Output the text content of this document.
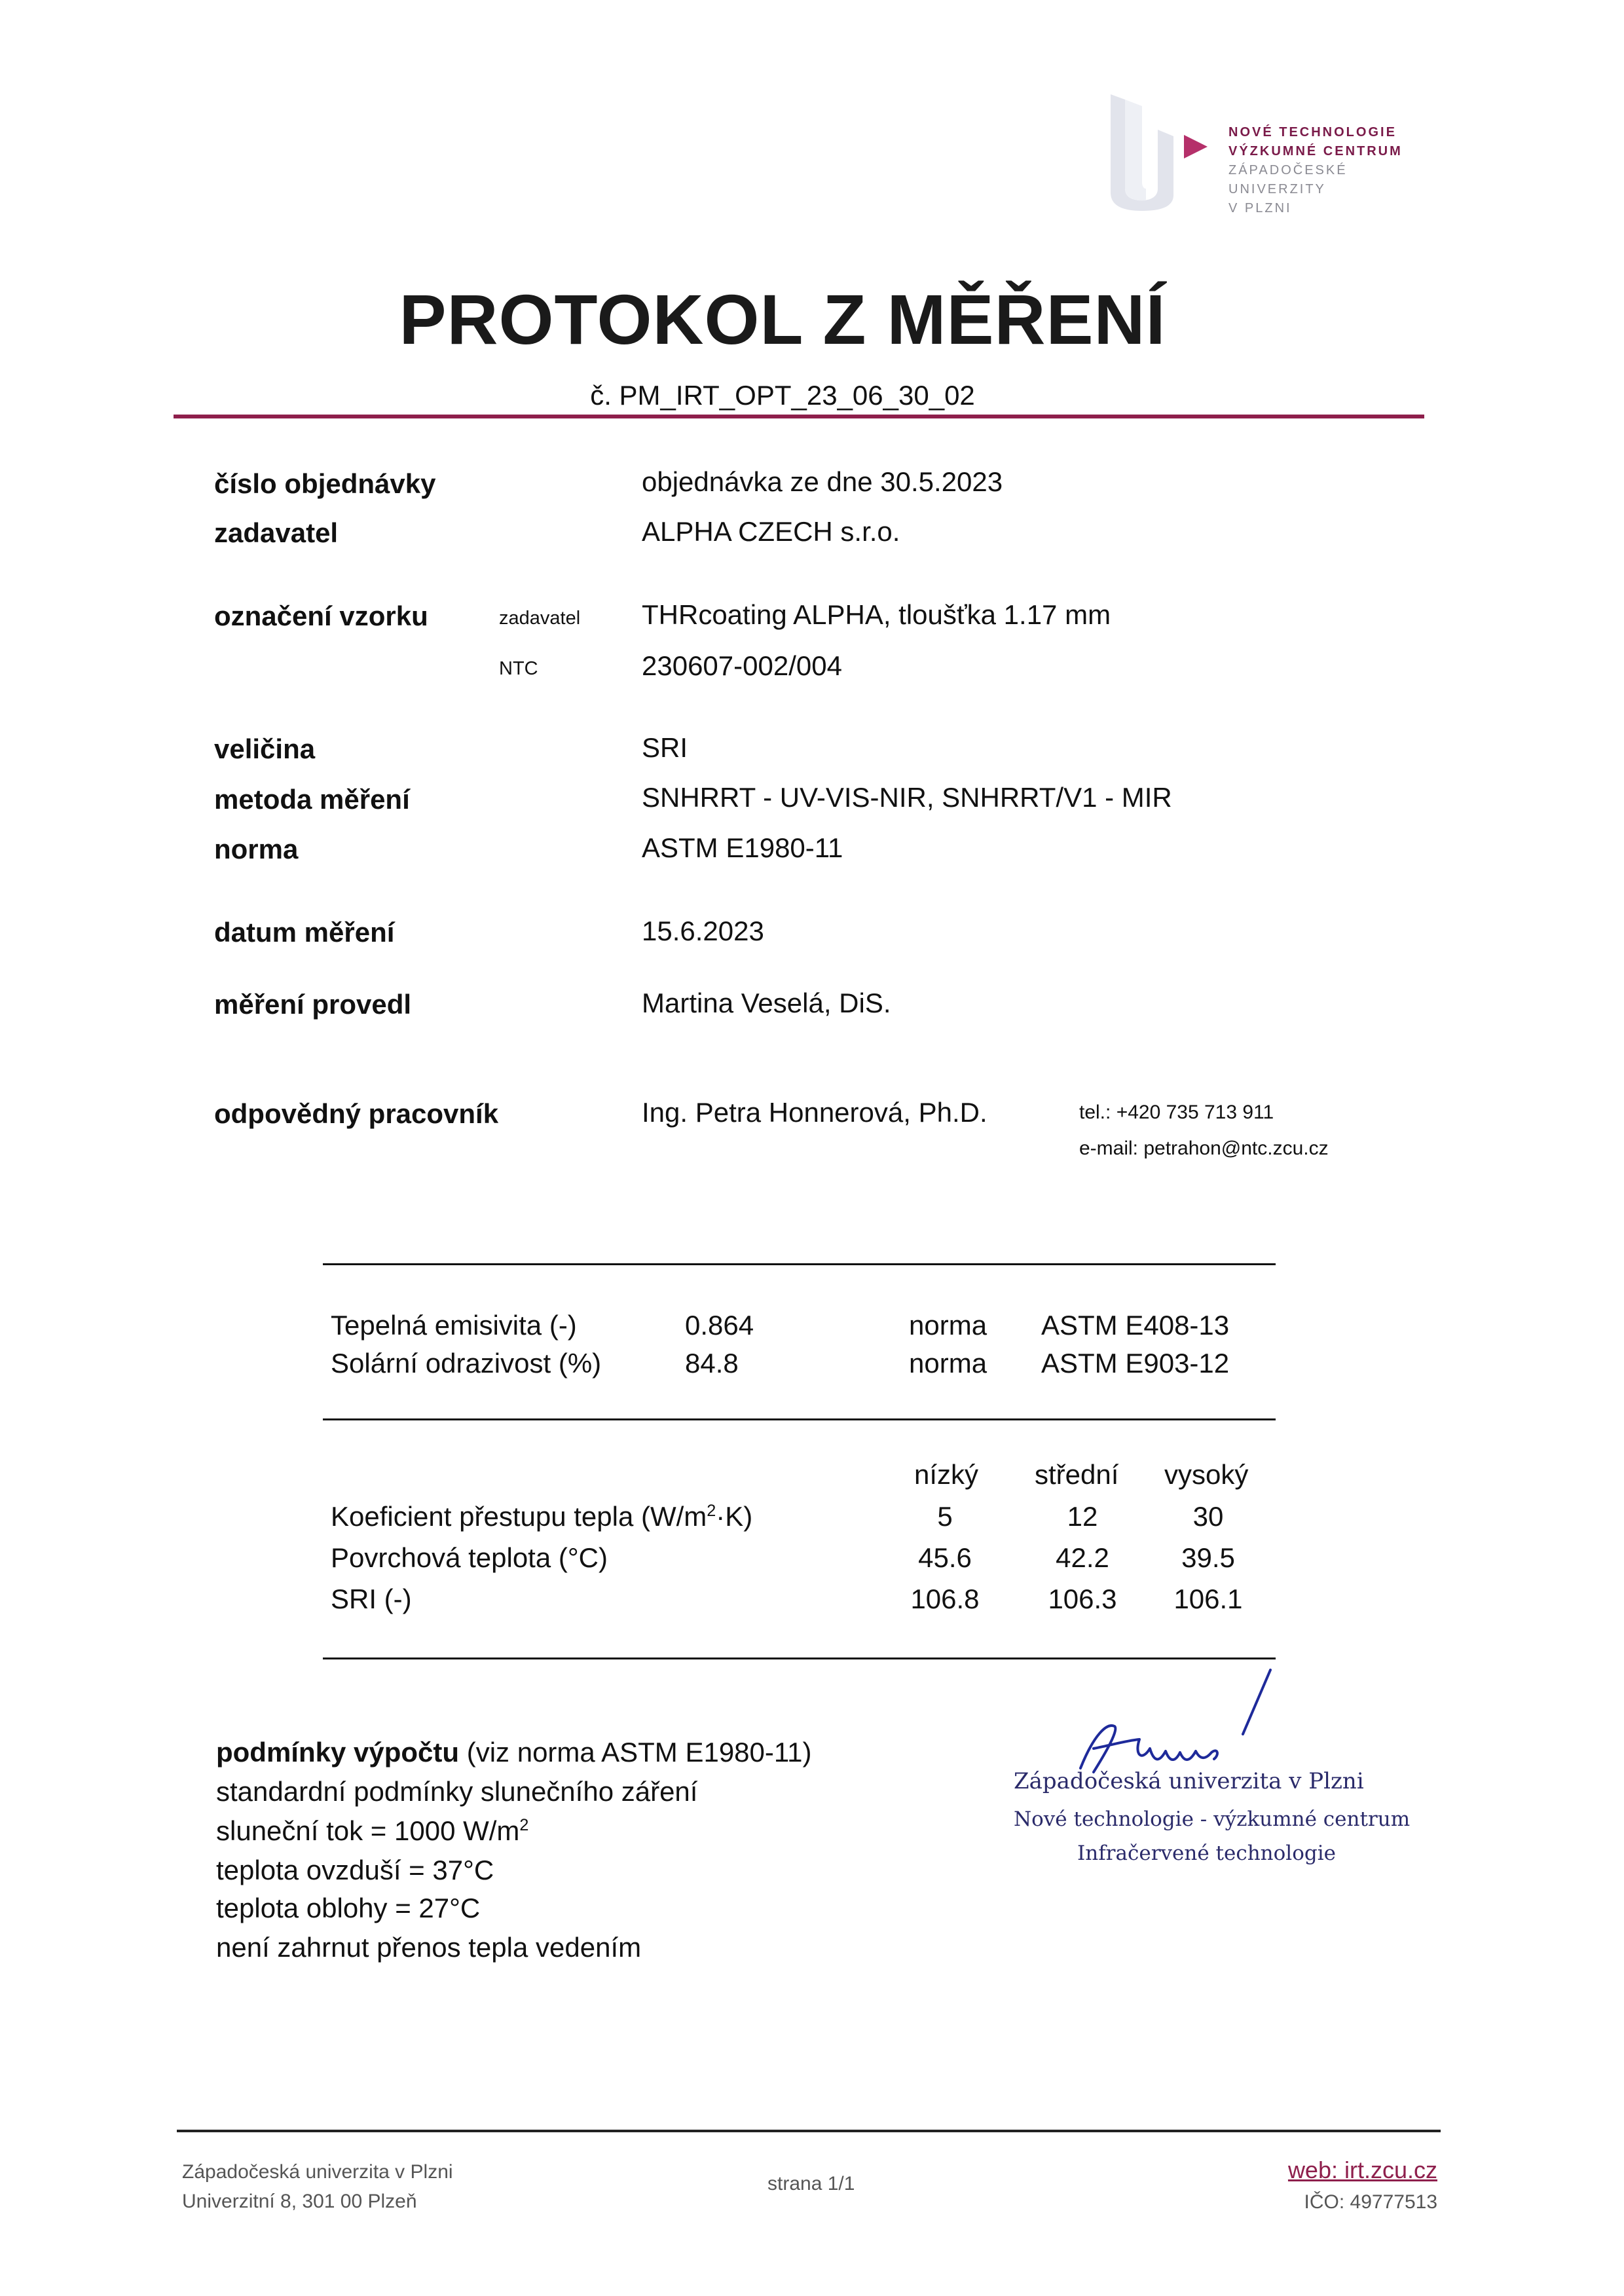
NOVÉ TECHNOLOGIE
VÝZKUMNÉ CENTRUM
ZÁPADOČESKÉ
UNIVERZITY
V PLZNI
PROTOKOL Z MĚŘENÍ
č. PM_IRT_OPT_23_06_30_02
číslo objednávky	objednávka ze dne 30.5.2023
zadavatel	ALPHA CZECH s.r.o.
označení vzorku	zadavatel THRcoating ALPHA, tloušťka 1.17 mm
NTC	230607-002/004
veličina	SRI
metoda měření	SNHRRT - UV-VIS-NIR, SNHRRT/V1 - MIR
norma	ASTM E1980-11
datum měření	15.6.2023
měření provedl	Martina Veselá, DiS.
odpovědný pracovník	Ing. Petra Honnerová, Ph.D.	tel.: +420 735 713 911
e-mail: petrahon@ntc.zcu.cz
Tepelná emisivita (-)	0.864	norma ASTM E408-13
Solární odrazivost (%)	84.8	norma ASTM E903-12
nízký střední vysoký
Koeficient přestupu tepla $(W/m^2\cdot K)$	5	12	30
Povrchová teplota (°C)	45.6	42.2	39.5
SRI (-)	106.8	106.3	106.1
podmínky výpočtu (viz norma ASTM E1980-11)
standardní podmínky slunečního záření
sluneční tok = 1000 $W/m^2$
teplota ovzduší = 37°C
teplota oblohy = 27°C
není zahrnut přenos tepla vedením
Západočeská univerzita v Plzni
Nové technologie - výzkumné centrum
Infračervené technologie
Západočeská univerzita v Plzni
Univerzitní 8, 301 00 Plzeň
strana 1/1
web: irt.zcu.cz
IČO: 49777513
